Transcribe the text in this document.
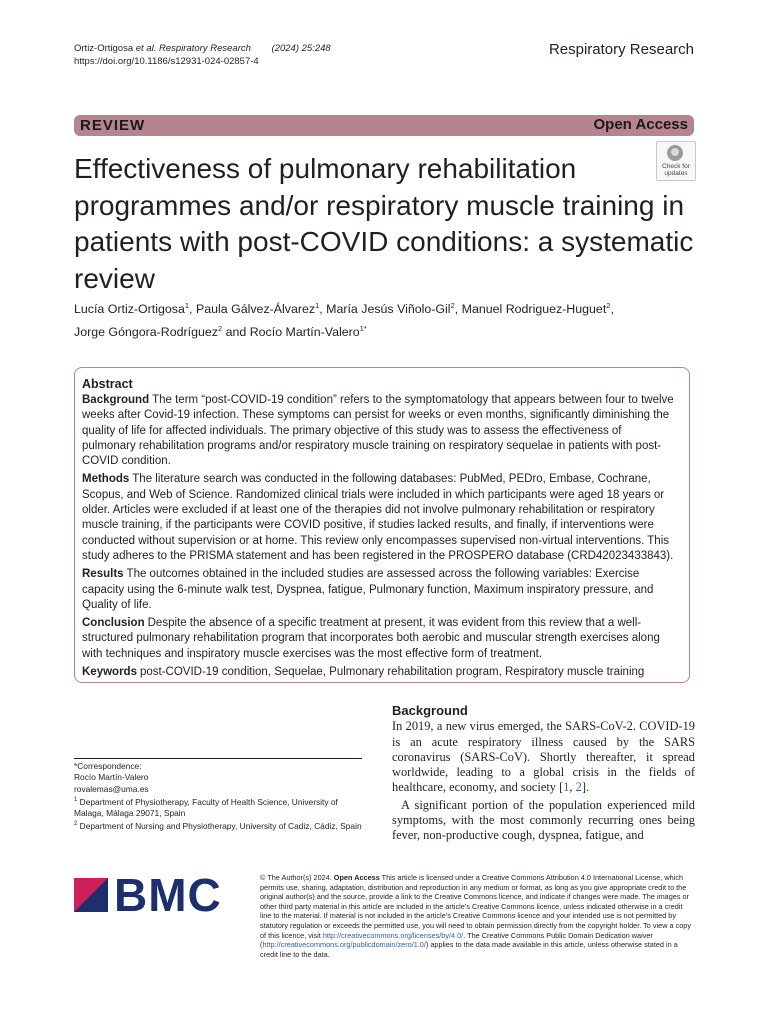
Ortiz-Ortigosa et al. Respiratory Research (2024) 25:248
https://doi.org/10.1186/s12931-024-02857-4
Respiratory Research
REVIEW	Open Access
Effectiveness of pulmonary rehabilitation programmes and/or respiratory muscle training in patients with post-COVID conditions: a systematic review
Check for updates
Lucía Ortiz-Ortigosa$^1$, Paula Gálvez-Álvarez$^1$, María Jesús Viñolo-Gil$^2$, Manuel Rodriguez-Huguet$^2$,
Jorge Góngora-Rodríguez$^2$ and Rocío Martín-Valero$^{1*}$
Abstract

Background The term “post-COVID-19 condition” refers to the symptomatology that appears between four to twelve weeks after Covid-19 infection. These symptoms can persist for weeks or even months, significantly diminishing the quality of life for affected individuals. The primary objective of this study was to assess the effectiveness of pulmonary rehabilitation programs and/or respiratory muscle training on respiratory sequelae in patients with post-COVID condition.

Methods The literature search was conducted in the following databases: PubMed, PEDro, Embase, Cochrane, Scopus, and Web of Science. Randomized clinical trials were included in which participants were aged 18 years or older. Articles were excluded if at least one of the therapies did not involve pulmonary rehabilitation or respiratory muscle training, if the participants were COVID positive, if studies lacked results, and finally, if interventions were conducted without supervision or at home. This review only encompasses supervised non-virtual interventions. This study adheres to the PRISMA statement and has been registered in the PROSPERO database (CRD42023433843).

Results The outcomes obtained in the included studies are assessed across the following variables: Exercise capacity using the 6-minute walk test, Dyspnea, fatigue, Pulmonary function, Maximum inspiratory pressure, and Quality of life.

Conclusion Despite the absence of a specific treatment at present, it was evident from this review that a well-structured pulmonary rehabilitation program that incorporates both aerobic and muscular strength exercises along with techniques and inspiratory muscle exercises was the most effective form of treatment.

Keywords post-COVID-19 condition, Sequelae, Pulmonary rehabilitation program, Respiratory muscle training

*Correspondence:

Rocío Martín-Valero

rovalemas@uma.es

$^1$ Department of Physiotherapy, Faculty of Health Science, University of Malaga, Málaga 29071, Spain

$^2$ Department of Nursing and Physiotherapy, University of Cadiz, Cádiz, Spain

Background

In 2019, a new virus emerged, the SARS-CoV-2. COVID-19 is an acute respiratory illness caused by the SARS coronavirus (SARS-CoV). Shortly thereafter, it spread worldwide, leading to a global crisis in the fields of healthcare, economy, and society [1, 2].

A significant portion of the population experienced mild symptoms, with the most commonly recurring ones being fever, non-productive cough, dyspnea, fatigue, and

BMC	© The Author(s) 2024. Open Access This article is licensed under a Creative Commons Attribution 4.0 International License, which permits use, sharing, adaptation, distribution and reproduction in any medium or format, as long as you give appropriate credit to the original author(s) and the source, provide a link to the Creative Commons licence, and indicate if changes were made. The images or other third party material in this article are included in the article’s Creative Commons licence, unless indicated otherwise in a credit line to the material. If material is not included in the article’s Creative Commons licence and your intended use is not permitted by statutory regulation or exceeds the permitted use, you will need to obtain permission directly from the copyright holder. To view a copy of this licence, visit http://creativecommons.org/licenses/by/4.0/. The Creative Commons Public Domain Dedication waiver (http://creativecommons.org/publicdomain/zero/1.0/) applies to the data made available in this article, unless otherwise stated in a credit line to the data.
